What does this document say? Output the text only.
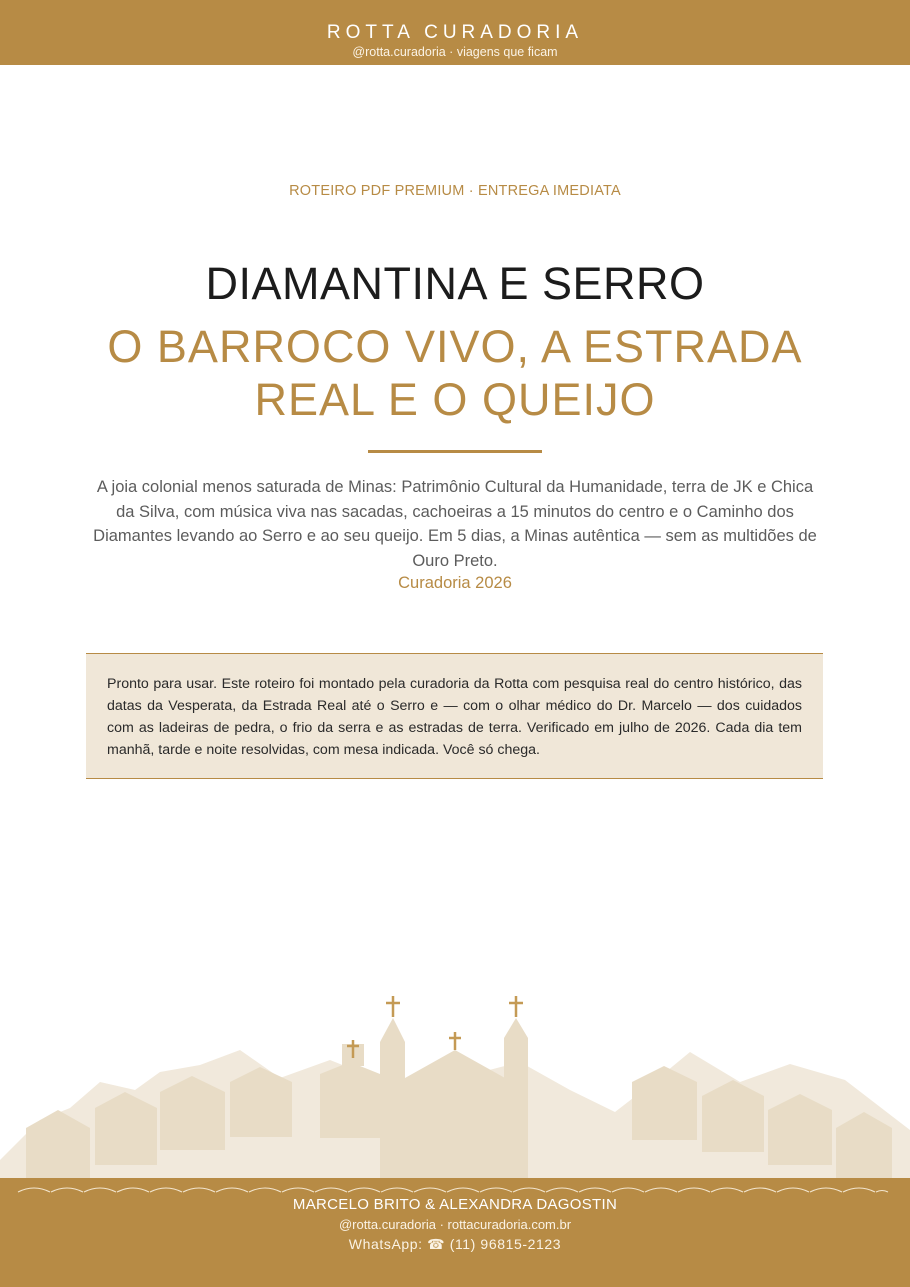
ROTTA CURADORIA
@rotta.curadoria · viagens que ficam
ROTEIRO PDF PREMIUM · ENTREGA IMEDIATA
DIAMANTINA E SERRO
O BARROCO VIVO, A ESTRADA REAL E O QUEIJO

A joia colonial menos saturada de Minas: Patrimônio Cultural da Humanidade, terra de JK e Chica da Silva, com música viva nas sacadas, cachoeiras a 15 minutos do centro e o Caminho dos Diamantes levando ao Serro e ao seu queijo. Em 5 dias, a Minas autêntica — sem as multidões de Ouro Preto.

Curadoria 2026

Pronto para usar. Este roteiro foi montado pela curadoria da Rotta com pesquisa real do centro histórico, das datas da Vesperata, da Estrada Real até o Serro e — com o olhar médico do Dr. Marcelo — dos cuidados com as ladeiras de pedra, o frio da serra e as estradas de terra. Verificado em julho de 2026. Cada dia tem manhã, tarde e noite resolvidas, com mesa indicada. Você só chega.

MARCELO BRITO & ALEXANDRA DAGOSTIN
@rotta.curadoria · rottacuradoria.com.br
WhatsApp: ☎ (11) 96815-2123
